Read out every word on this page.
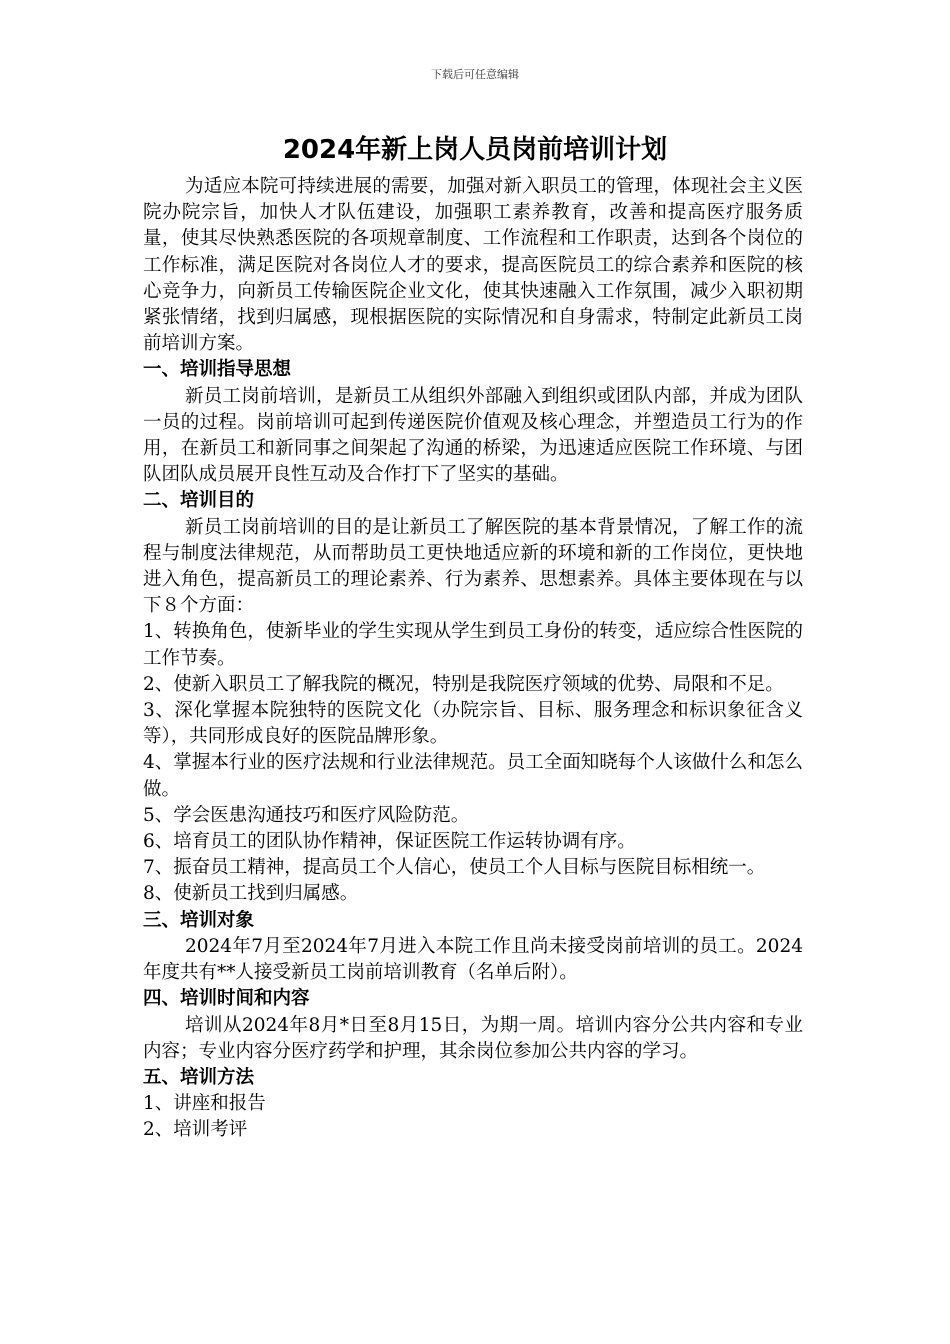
下载后可任意编辑
2024年新上岗人员岗前培训计划

为适应本院可持续进展的需要，加强对新入职员工的管理，体现社会主义医院办院宗旨，加快人才队伍建设，加强职工素养教育，改善和提高医疗服务质量，使其尽快熟悉医院的各项规章制度、工作流程和工作职责，达到各个岗位的工作标准，满足医院对各岗位人才的要求，提高医院员工的综合素养和医院的核心竞争力，向新员工传输医院企业文化，使其快速融入工作氛围，减少入职初期紧张情绪，找到归属感，现根据医院的实际情况和自身需求，特制定此新员工岗前培训方案。

一、培训指导思想

新员工岗前培训，是新员工从组织外部融入到组织或团队内部，并成为团队一员的过程。岗前培训可起到传递医院价值观及核心理念，并塑造员工行为的作用，在新员工和新同事之间架起了沟通的桥梁，为迅速适应医院工作环境、与团队团队成员展开良性互动及合作打下了坚实的基础。

二、培训目的

新员工岗前培训的目的是让新员工了解医院的基本背景情况，了解工作的流程与制度法律规范，从而帮助员工更快地适应新的环境和新的工作岗位，更快地进入角色，提高新员工的理论素养、行为素养、思想素养。具体主要体现在与以下８个方面：

1、转换角色，使新毕业的学生实现从学生到员工身份的转变，适应综合性医院的工作节奏。

2、使新入职员工了解我院的概况，特别是我院医疗领域的优势、局限和不足。

3、深化掌握本院独特的医院文化（办院宗旨、目标、服务理念和标识象征含义等），共同形成良好的医院品牌形象。

4、掌握本行业的医疗法规和行业法律规范。员工全面知晓每个人该做什么和怎么做。

5、学会医患沟通技巧和医疗风险防范。

6、培育员工的团队协作精神，保证医院工作运转协调有序。

7、振奋员工精神，提高员工个人信心，使员工个人目标与医院目标相统一。

8、使新员工找到归属感。

三、培训对象

2024年7月至2024年7月进入本院工作且尚未接受岗前培训的员工。2024年度共有**人接受新员工岗前培训教育（名单后附）。

四、培训时间和内容

培训从2024年8月*日至8月15日，为期一周。培训内容分公共内容和专业内容；专业内容分医疗药学和护理，其余岗位参加公共内容的学习。

五、培训方法

1、讲座和报告

2、培训考评
